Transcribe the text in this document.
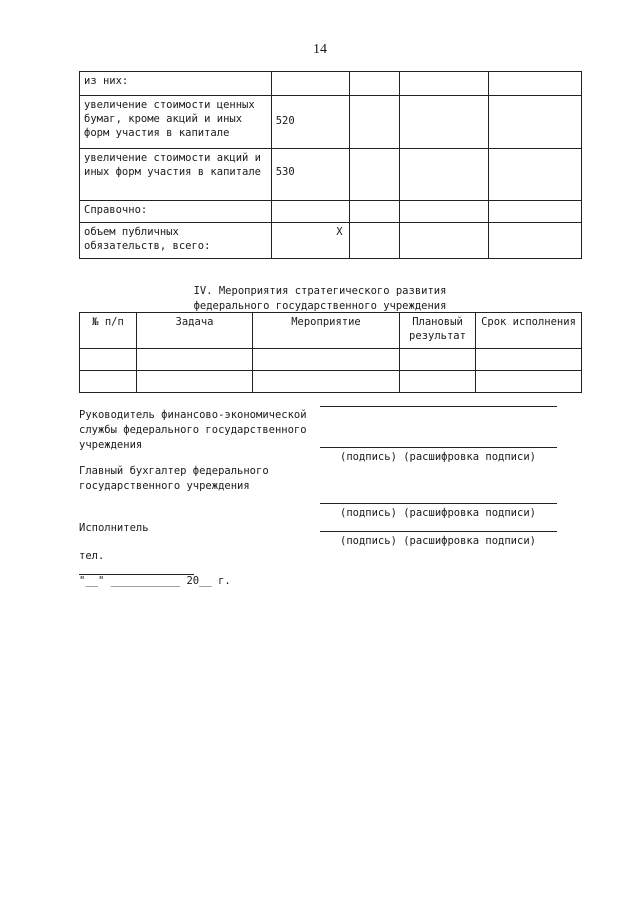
14
из них:				
увеличение стоимости ценных бумаг, кроме акций и иных форм участия в капитале	520			
увеличение стоимости акций и иных форм участия в капитале	530			
Справочно:				
объем публичных обязательств, всего:	X			
IV. Мероприятия стратегического развития
федерального государственного учреждения
№ п/п	Задача	Мероприятие	Плановый результат	Срок исполнения

Руководитель финансово-экономической службы федерального государственного учреждения
(подпись) (расшифровка подписи)
Главный бухгалтер федерального государственного учреждения
(подпись) (расшифровка подписи)
Исполнитель
(подпись) (расшифровка подписи)
тел.
"__" ___________ 20__ г.
